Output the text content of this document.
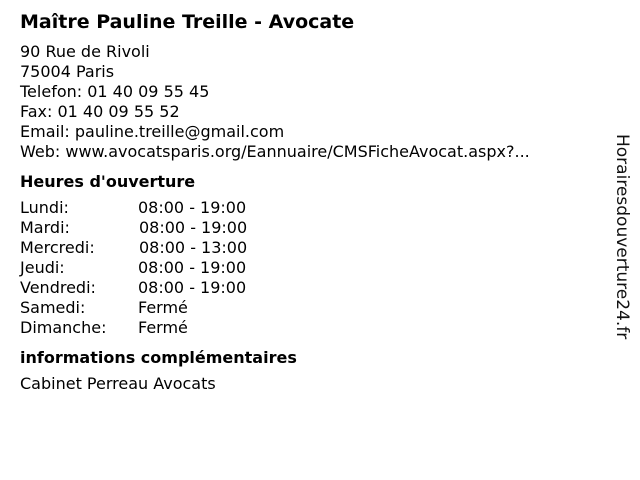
Maître Pauline Treille - Avocate
90 Rue de Rivoli
75004 Paris
Telefon: 01 40 09 55 45
Fax: 01 40 09 55 52
Email: pauline.treille@gmail.com
Web: www.avocatsparis.org/Eannuaire/CMSFicheAvocat.aspx?...
Heures d'ouverture
Lundi:	08:00 - 19:00
Mardi:	08:00 - 19:00
Mercredi:	08:00 - 13:00
Jeudi:	08:00 - 19:00
Vendredi:	08:00 - 19:00
Samedi:	Fermé
Dimanche:	Fermé
informations complémentaires
Cabinet Perreau Avocats
Horairesdouverture24.fr
